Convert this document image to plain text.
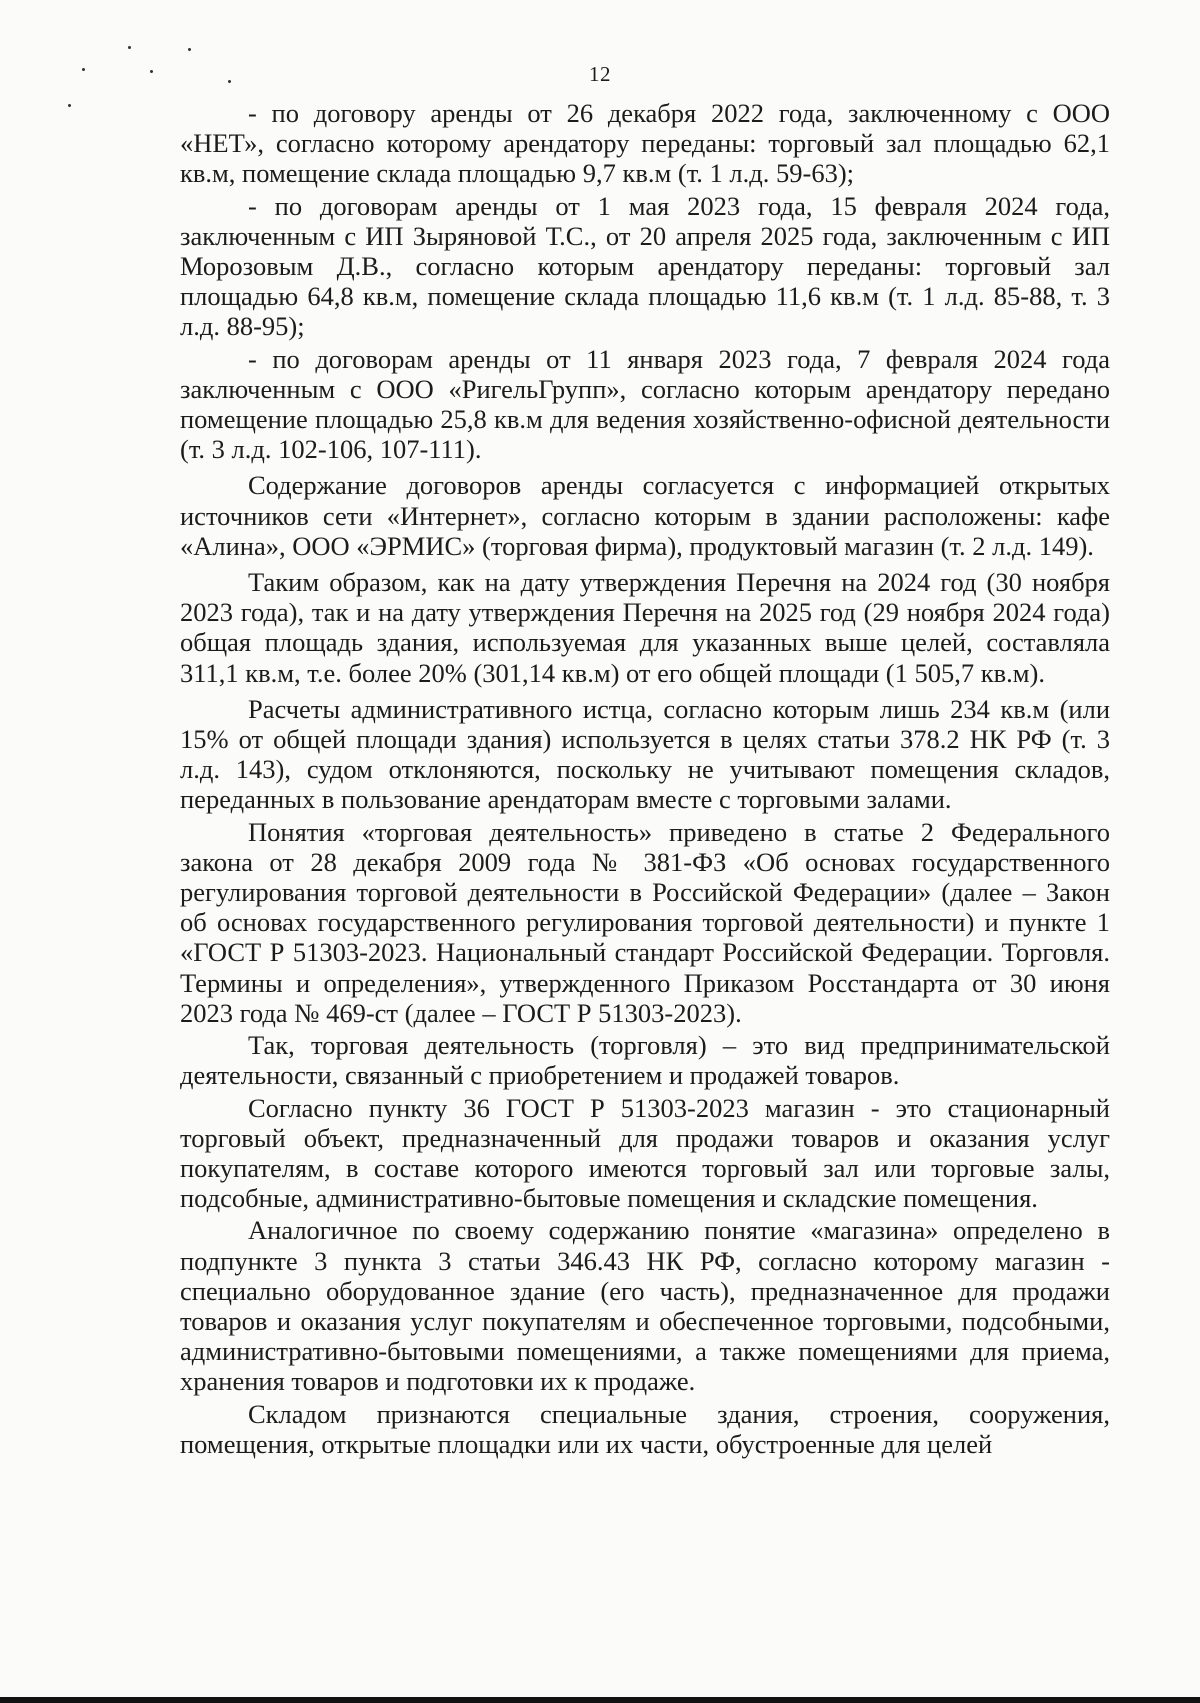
12

- по договору аренды от 26 декабря 2022 года, заключенному с ООО «НЕТ», согласно которому арендатору переданы: торговый зал площадью 62,1 кв.м, помещение склада площадью 9,7 кв.м (т. 1 л.д. 59-63);

- по договорам аренды от 1 мая 2023 года, 15 февраля 2024 года, заключенным с ИП Зыряновой Т.С., от 20 апреля 2025 года, заключенным с ИП Морозовым Д.В., согласно которым арендатору переданы: торговый зал площадью 64,8 кв.м, помещение склада площадью 11,6 кв.м (т. 1 л.д. 85-88, т. 3 л.д. 88-95);

- по договорам аренды от 11 января 2023 года, 7 февраля 2024 года заключенным с ООО «РигельГрупп», согласно которым арендатору передано помещение площадью 25,8 кв.м для ведения хозяйственно-офисной деятельности (т. 3 л.д. 102-106, 107-111).

Содержание договоров аренды согласуется с информацией открытых источников сети «Интернет», согласно которым в здании расположены: кафе «Алина», ООО «ЭРМИС» (торговая фирма), продуктовый магазин (т. 2 л.д. 149).

Таким образом, как на дату утверждения Перечня на 2024 год (30 ноября 2023 года), так и на дату утверждения Перечня на 2025 год (29 ноября 2024 года) общая площадь здания, используемая для указанных выше целей, составляла 311,1 кв.м, т.е. более 20% (301,14 кв.м) от его общей площади (1 505,7 кв.м).

Расчеты административного истца, согласно которым лишь 234 кв.м (или 15% от общей площади здания) используется в целях статьи 378.2 НК РФ (т. 3 л.д. 143), судом отклоняются, поскольку не учитывают помещения складов, переданных в пользование арендаторам вместе с торговыми залами.

Понятия «торговая деятельность» приведено в статье 2 Федерального закона от 28 декабря 2009 года № 381-ФЗ «Об основах государственного регулирования торговой деятельности в Российской Федерации» (далее – Закон об основах государственного регулирования торговой деятельности) и пункте 1 «ГОСТ Р 51303-2023. Национальный стандарт Российской Федерации. Торговля. Термины и определения», утвержденного Приказом Росстандарта от 30 июня 2023 года № 469-ст (далее – ГОСТ Р 51303-2023).

Так, торговая деятельность (торговля) – это вид предпринимательской деятельности, связанный с приобретением и продажей товаров.

Согласно пункту 36 ГОСТ Р 51303-2023 магазин - это стационарный торговый объект, предназначенный для продажи товаров и оказания услуг покупателям, в составе которого имеются торговый зал или торговые залы, подсобные, административно-бытовые помещения и складские помещения.

Аналогичное по своему содержанию понятие «магазина» определено в подпункте 3 пункта 3 статьи 346.43 НК РФ, согласно которому магазин - специально оборудованное здание (его часть), предназначенное для продажи товаров и оказания услуг покупателям и обеспеченное торговыми, подсобными, административно-бытовыми помещениями, а также помещениями для приема, хранения товаров и подготовки их к продаже.

Складом признаются специальные здания, строения, сооружения, помещения, открытые площадки или их части, обустроенные для целей
